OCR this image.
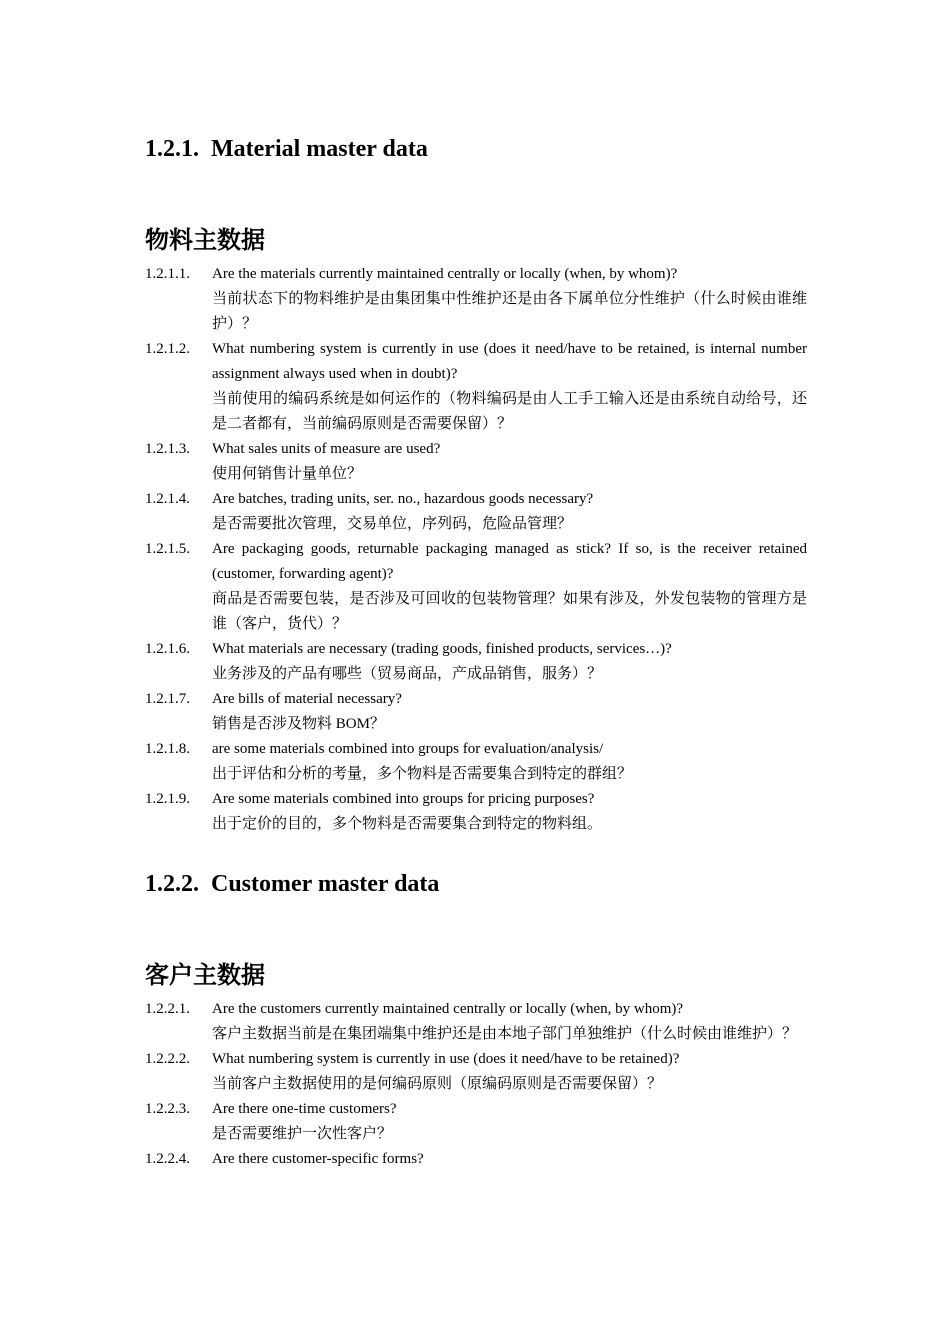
1.2.1. Material master data
物料主数据
1.2.1.1. Are the materials currently maintained centrally or locally (when, by whom)?
当前状态下的物料维护是由集团集中性维护还是由各下属单位分性维护（什么时候由谁维护）？
1.2.1.2. What numbering system is currently in use (does it need/have to be retained, is internal number assignment always used when in doubt)?
当前使用的编码系统是如何运作的（物料编码是由人工手工输入还是由系统自动给号，还是二者都有，当前编码原则是否需要保留）？
1.2.1.3. What sales units of measure are used?
使用何销售计量单位？
1.2.1.4. Are batches, trading units, ser. no., hazardous goods necessary?
是否需要批次管理，交易单位，序列码，危险品管理？
1.2.1.5. Are packaging goods, returnable packaging managed as stick? If so, is the receiver retained (customer, forwarding agent)?
商品是否需要包装，是否涉及可回收的包装物管理？如果有涉及，外发包装物的管理方是谁（客户，货代）？
1.2.1.6. What materials are necessary (trading goods, finished products, services…)?
业务涉及的产品有哪些（贸易商品，产成品销售，服务）？
1.2.1.7. Are bills of material necessary?
销售是否涉及物料 BOM？
1.2.1.8. are some materials combined into groups for evaluation/analysis/
出于评估和分析的考量，多个物料是否需要集合到特定的群组？
1.2.1.9. Are some materials combined into groups for pricing purposes?
出于定价的目的，多个物料是否需要集合到特定的物料组。
1.2.2. Customer master data
客户主数据
1.2.2.1. Are the customers currently maintained centrally or locally (when, by whom)?
客户主数据当前是在集团端集中维护还是由本地子部门单独维护（什么时候由谁维护）？
1.2.2.2. What numbering system is currently in use (does it need/have to be retained)?
当前客户主数据使用的是何编码原则（原编码原则是否需要保留）？
1.2.2.3. Are there one-time customers?
是否需要维护一次性客户？
1.2.2.4. Are there customer-specific forms?
